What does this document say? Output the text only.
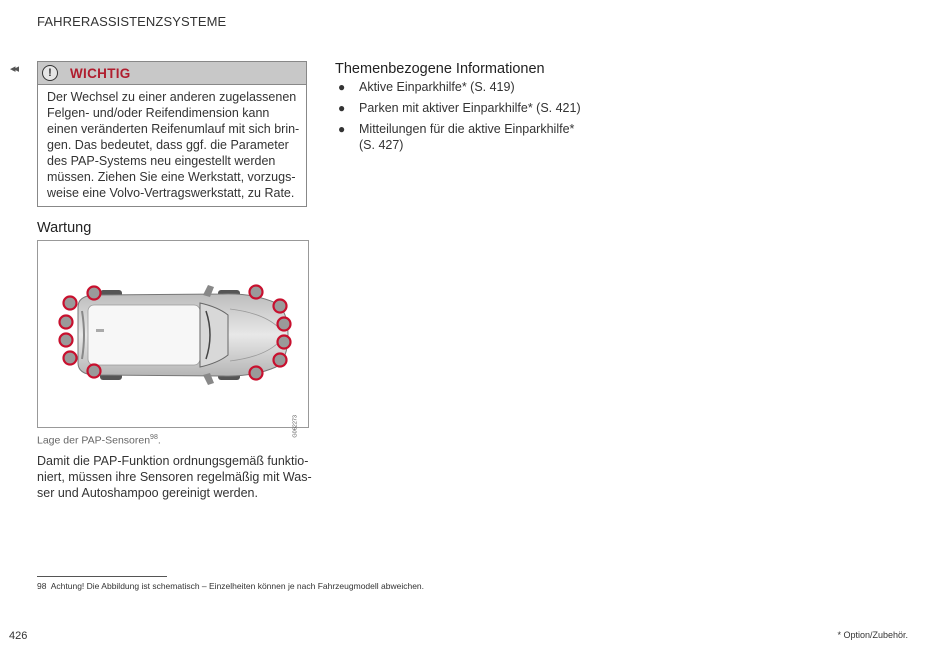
FAHRERASSISTENZSYSTEME
◂◂	!	WICHTIG
Der Wechsel zu einer anderen zugelassenen
Felgen- und/oder Reifendimension kann
einen veränderten Reifenumlauf mit sich brin-
gen. Das bedeutet, dass ggf. die Parameter
des PAP-Systems neu eingestellt werden
müssen. Ziehen Sie eine Werkstatt, vorzugs-
weise eine Volvo-Vertragswerkstatt, zu Rate.
Wartung
G062273
Lage der PAP-Sensoren$^{98}$.
Damit die PAP-Funktion ordnungsgemäß funktio-
niert, müssen ihre Sensoren regelmäßig mit Was-
ser und Autoshampoo gereinigt werden.
Themenbezogene Informationen
● Aktive Einparkhilfe* (S. 419)
● Parken mit aktiver Einparkhilfe* (S. 421)
● Mitteilungen für die aktive Einparkhilfe*
(S. 427)
98 Achtung! Die Abbildung ist schematisch – Einzelheiten können je nach Fahrzeugmodell abweichen.
426	* Option/Zubehör.
